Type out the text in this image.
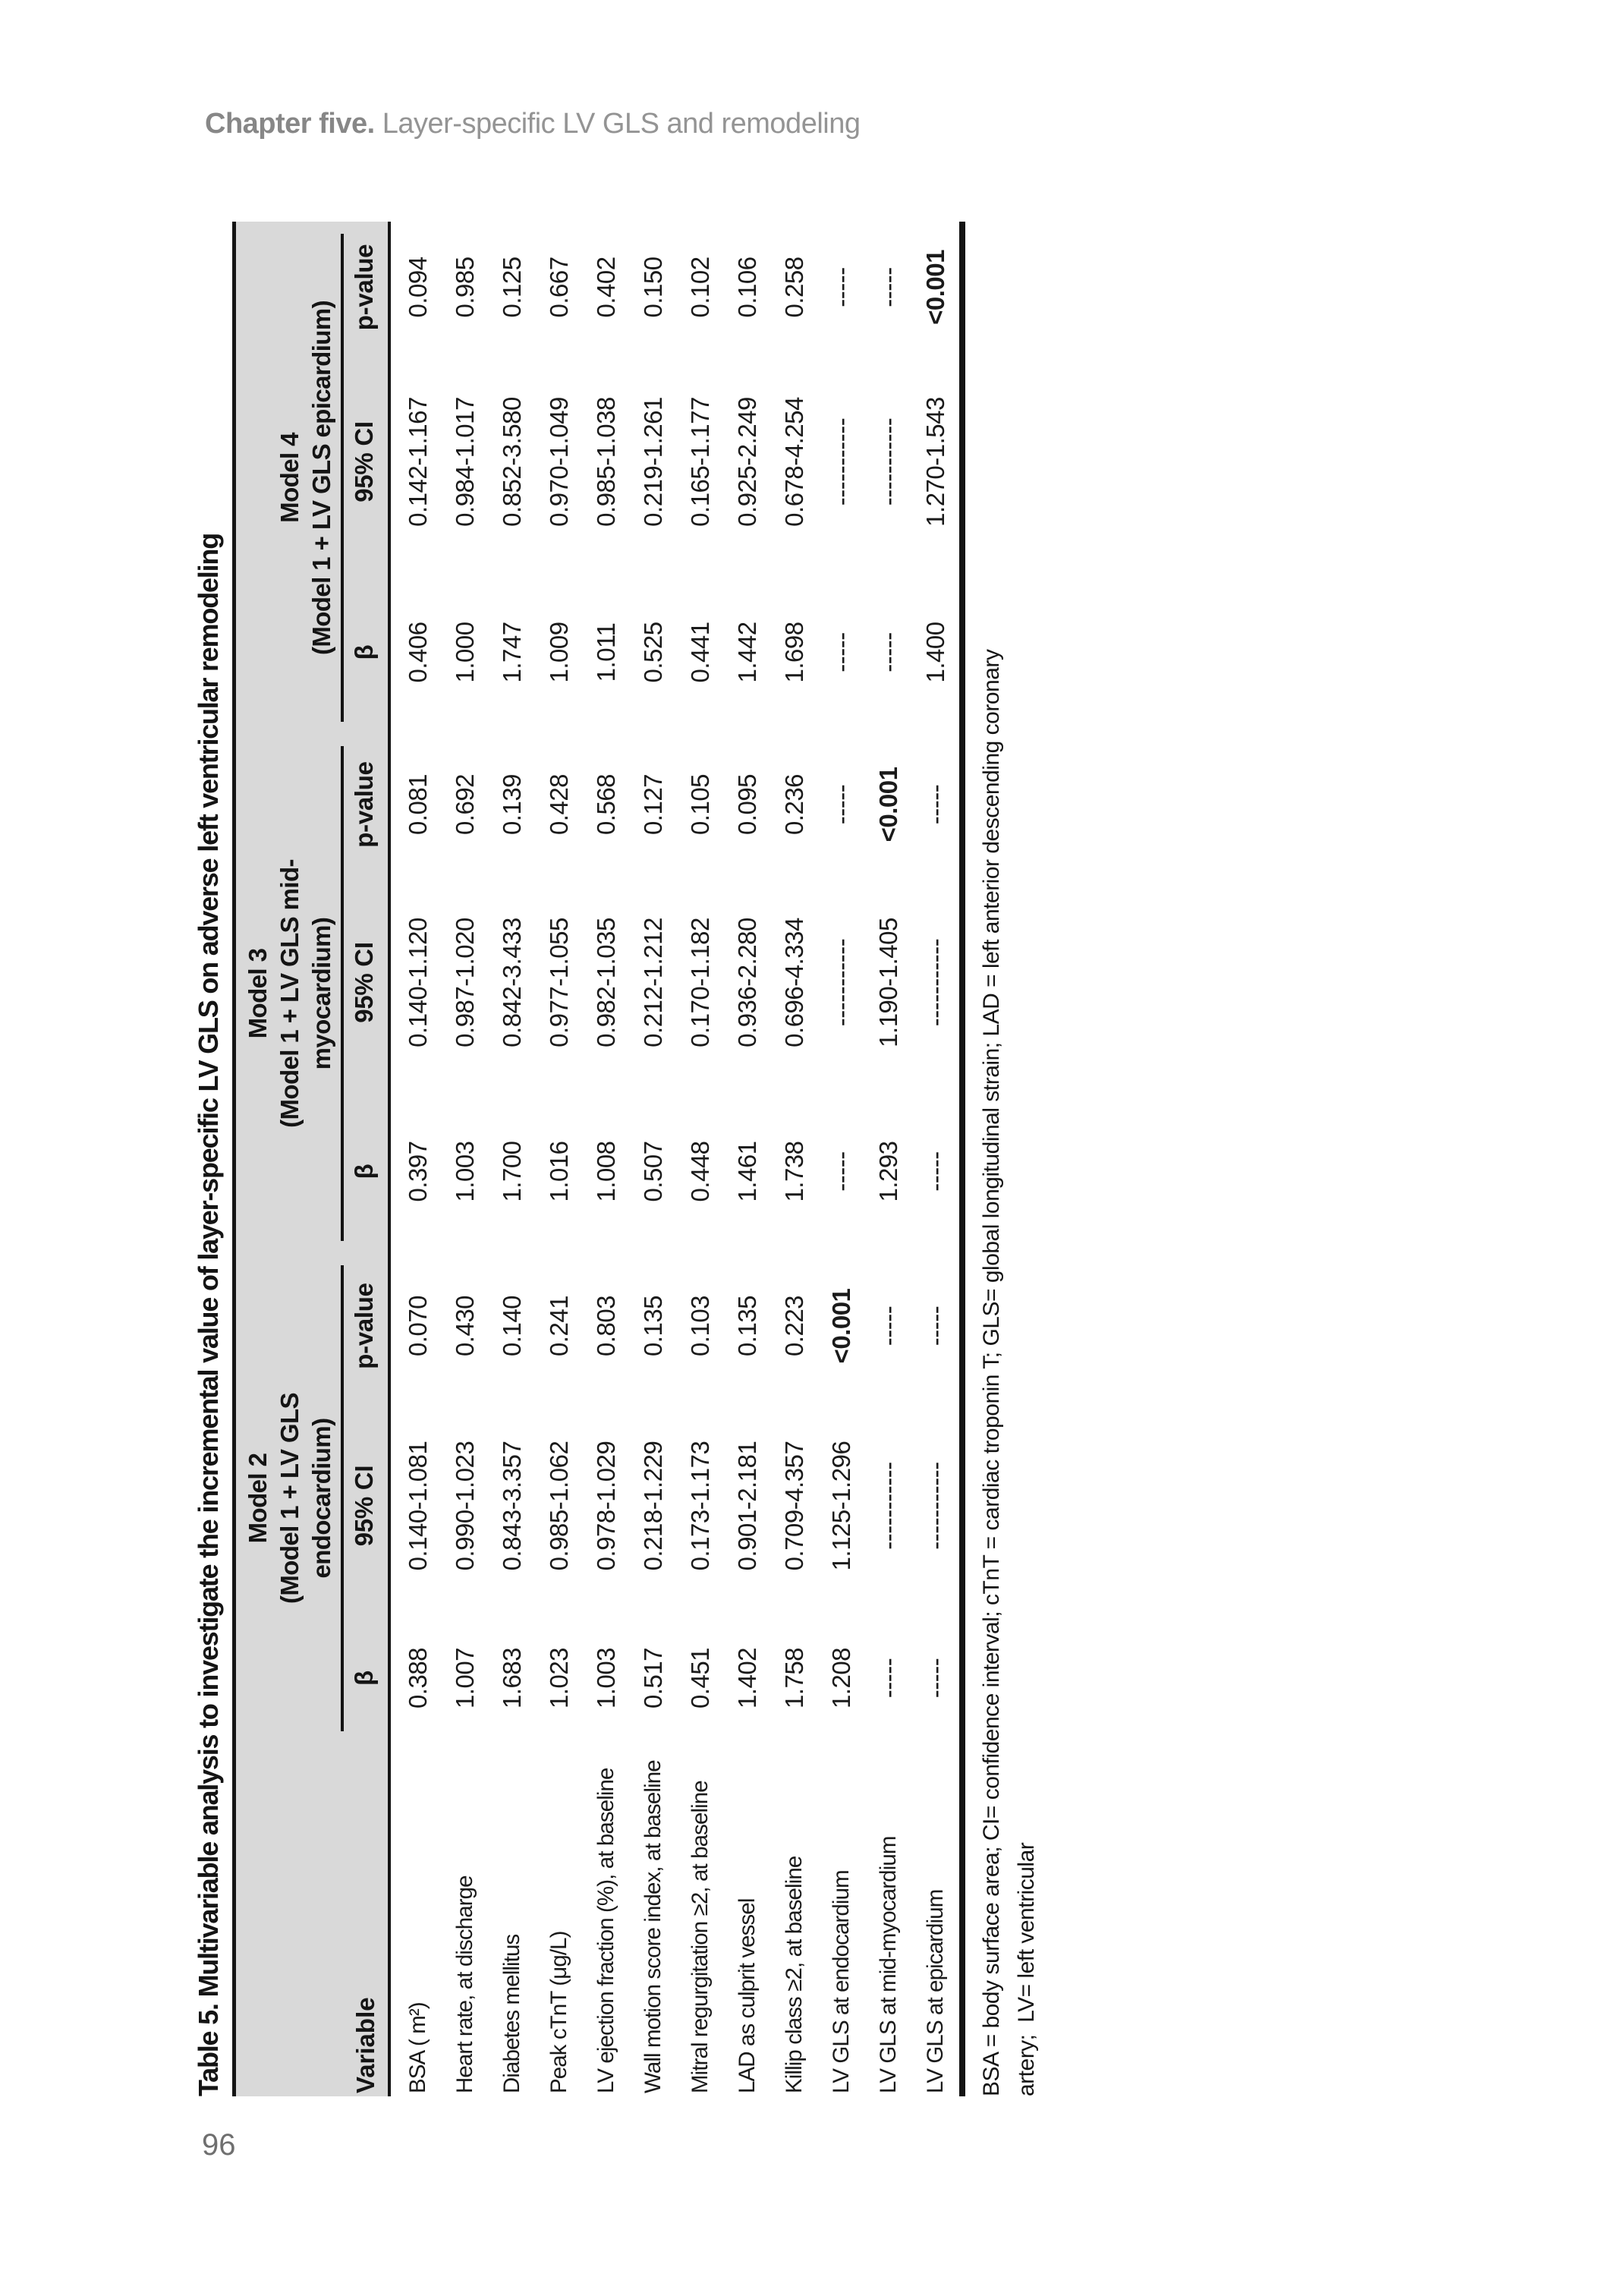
Chapter five. Layer-specific LV GLS and remodeling
Table 5. Multivariable analysis to investigate the incremental value of layer-specific LV GLS on adverse left ventricular remodeling	Variable	
Model 2 (Model 1 + LV GLS endocardium)

Model 3 (Model 1 + LV GLS mid- myocardium)

Model 4 (Model 1 + LV GLS epicardium)

	β	95% CI	p-value	β	95% CI	p-value	β	95% CI	p-value
BSA ( m²)	0.388	0.140-1.081	0.070	0.397	0.140-1.120	0.081	0.406	0.142-1.167	0.094
Heart rate, at discharge	1.007	0.990-1.023	0.430	1.003	0.987-1.020	0.692	1.000	0.984-1.017	0.985
Diabetes mellitus	1.683	0.843-3.357	0.140	1.700	0.842-3.433	0.139	1.747	0.852-3.580	0.125
Peak cTnT (μg/L)	1.023	0.985-1.062	0.241	1.016	0.977-1.055	0.428	1.009	0.970-1.049	0.667
LV ejection fraction (%), at baseline	1.003	0.978-1.029	0.803	1.008	0.982-1.035	0.568	1.011	0.985-1.038	0.402
Wall motion score index, at baseline	0.517	0.218-1.229	0.135	0.507	0.212-1.212	0.127	0.525	0.219-1.261	0.150
Mitral regurgitation ≥2, at baseline	0.451	0.173-1.173	0.103	0.448	0.170-1.182	0.105	0.441	0.165-1.177	0.102
LAD as culprit vessel	1.402	0.901-2.181	0.135	1.461	0.936-2.280	0.095	1.442	0.925-2.249	0.106
Killip class ≥2, at baseline	1.758	0.709-4.357	0.223	1.738	0.696-4.334	0.236	1.698	0.678-4.254	0.258
LV GLS at endocardium	1.208	1.125-1.296	<0.001	-----	-----------	-----	-----	-----------	-----
LV GLS at mid-myocardium	-----	-----------	-----	1.293	1.190-1.405	<0.001	-----	-----------	-----
LV GLS at epicardium	-----	-----------	-----	-----	-----------	-----	1.400	1.270-1.543	<0.001
BSA = body surface area; CI= confidence interval; cTnT = cardiac troponin T; GLS= global longitudinal strain; LAD = left anterior descending coronary artery;  LV= left ventricular
96
